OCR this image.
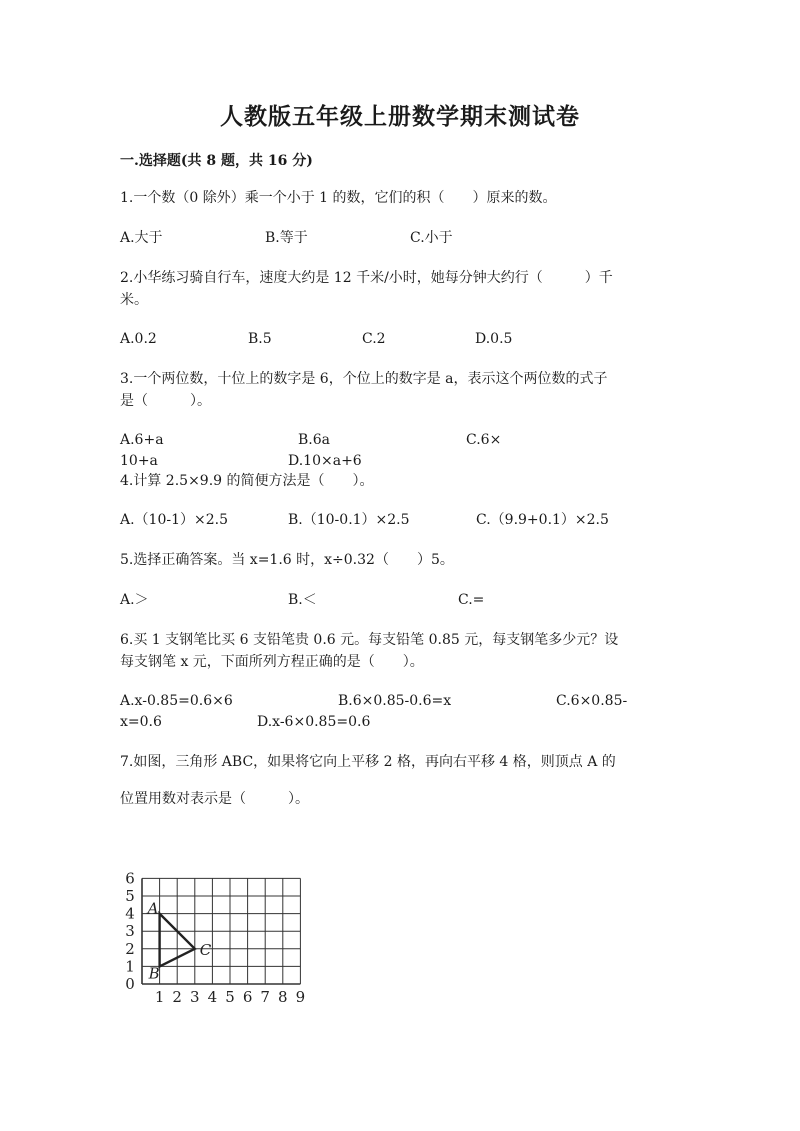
人教版五年级上册数学期末测试卷
一.选择题(共 8 题，共 16 分)
1.一个数（0 除外）乘一个小于 1 的数，它们的积（　　）原来的数。
A.大于	B.等于	C.小于
2.小华练习骑自行车，速度大约是 12 千米/小时，她每分钟大约行（　　　）千
米。
A.0.2	B.5	C.2	D.0.5
3.一个两位数，十位上的数字是 6，个位上的数字是 a，表示这个两位数的式子
是（　　　）。
A.6+a	B.6a	C.6×
10+a	D.10×a+6
4.计算 2.5×9.9 的简便方法是（　　）。
A.（10-1）×2.5	B.（10-0.1）×2.5	C.（9.9+0.1）×2.5
5.选择正确答案。当 x=1.6 时，x÷0.32（　　）5。
A.＞	B.＜	C.=
6.买 1 支钢笔比买 6 支铅笔贵 0.6 元。每支铅笔 0.85 元，每支钢笔多少元？设
每支钢笔 x 元，下面所列方程正确的是（　　）。
A.x-0.85=0.6×6	B.6×0.85-0.6=x	C.6×0.85-
x=0.6	D.x-6×0.85=0.6
7.如图，三角形 ABC，如果将它向上平移 2 格，再向右平移 4 格，则顶点 A 的
位置用数对表示是（　　　）。
1 2 3 4 5 6 7 8 9
0
1
2
3
4
5
6
A
B
C
